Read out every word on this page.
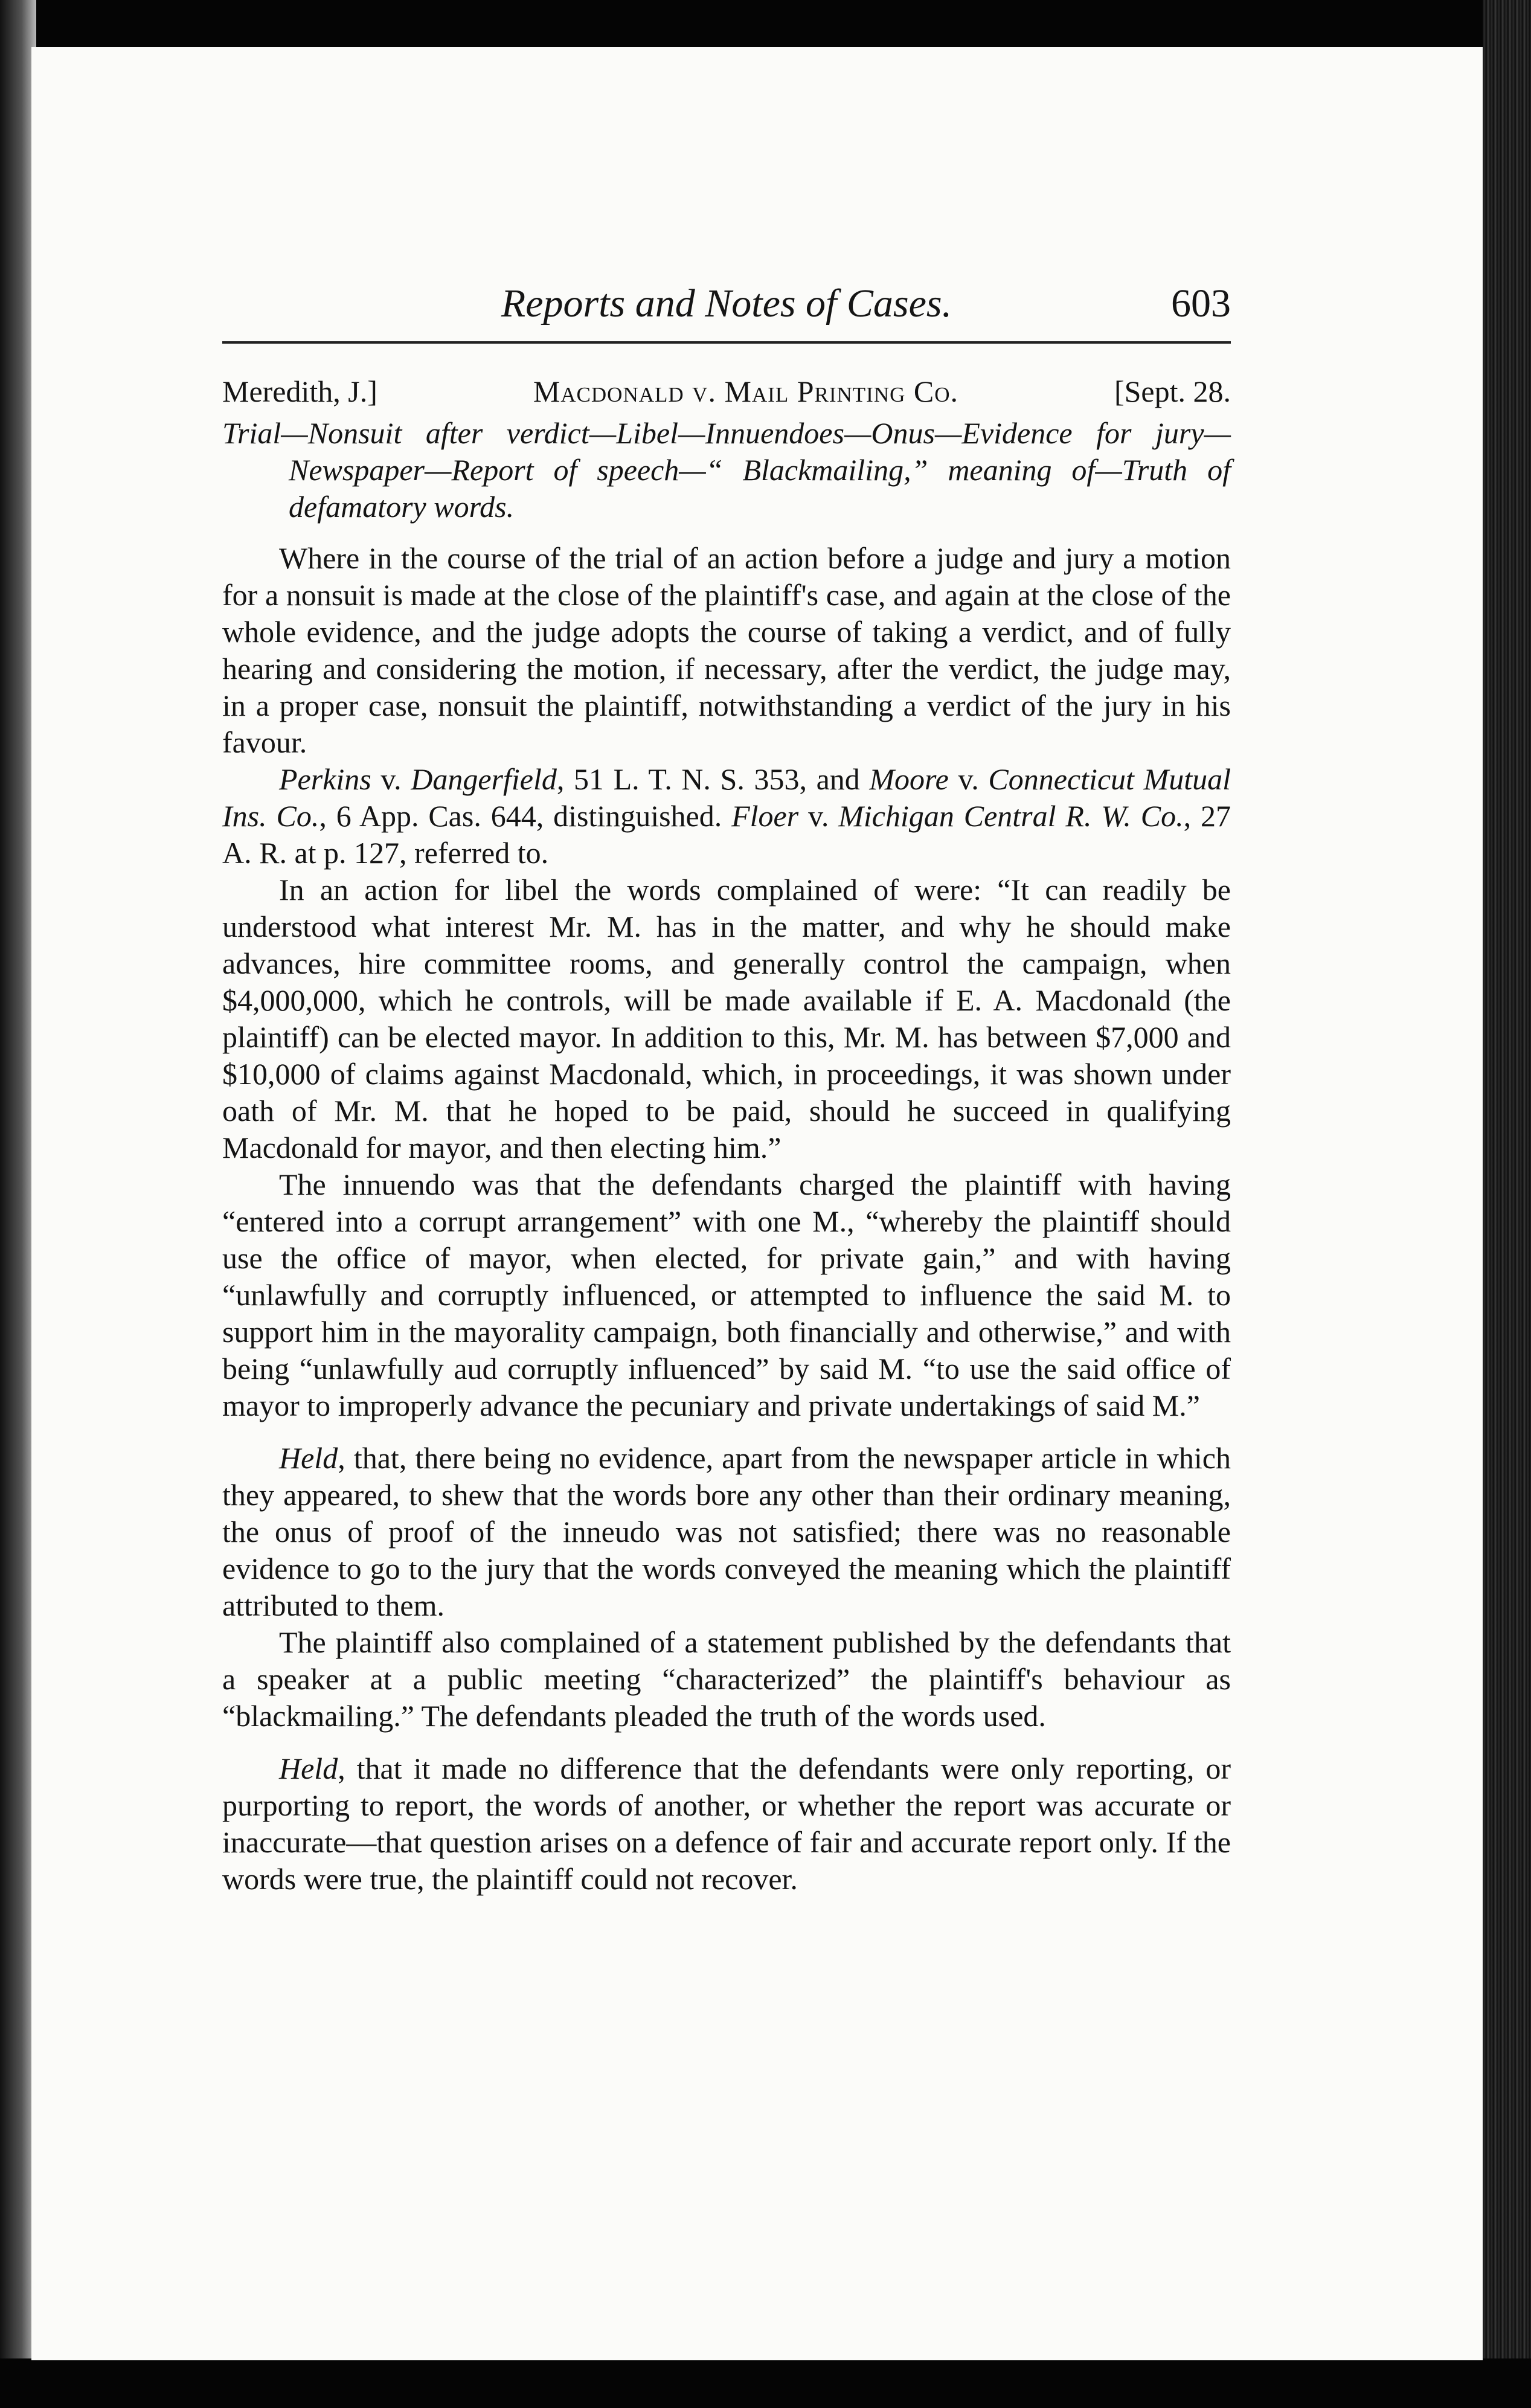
Reports and Notes of Cases.	603
Meredith, J.]	Macdonald v. Mail Printing Co.	[Sept. 28.
Trial—Nonsuit after verdict—Libel—Innuendoes—Onus—Evidence for jury—Newspaper—Report of speech—“ Blackmailing,” meaning of—Truth of defamatory words.

Where in the course of the trial of an action before a judge and jury a motion for a nonsuit is made at the close of the plaintiff's case, and again at the close of the whole evidence, and the judge adopts the course of taking a verdict, and of fully hearing and considering the motion, if necessary, after the verdict, the judge may, in a proper case, nonsuit the plaintiff, notwithstanding a verdict of the jury in his favour.

Perkins v. Dangerfield, 51 L. T. N. S. 353, and Moore v. Connecticut Mutual Ins. Co., 6 App. Cas. 644, distinguished. Floer v. Michigan Central R. W. Co., 27 A. R. at p. 127, referred to.

In an action for libel the words complained of were: “It can readily be understood what interest Mr. M. has in the matter, and why he should make advances, hire committee rooms, and generally control the campaign, when $4,000,000, which he controls, will be made available if E. A. Macdonald (the plaintiff) can be elected mayor. In addition to this, Mr. M. has between $7,000 and $10,000 of claims against Macdonald, which, in proceedings, it was shown under oath of Mr. M. that he hoped to be paid, should he succeed in qualifying Macdonald for mayor, and then electing him.”

The innuendo was that the defendants charged the plaintiff with having “entered into a corrupt arrangement” with one M., “whereby the plaintiff should use the office of mayor, when elected, for private gain,” and with having “unlawfully and corruptly influenced, or attempted to influence the said M. to support him in the mayorality campaign, both financially and otherwise,” and with being “unlawfully aud corruptly influenced” by said M. “to use the said office of mayor to improperly advance the pecuniary and private undertakings of said M.”

Held, that, there being no evidence, apart from the newspaper article in which they appeared, to shew that the words bore any other than their ordinary meaning, the onus of proof of the inneudo was not satisfied; there was no reasonable evidence to go to the jury that the words conveyed the meaning which the plaintiff attributed to them.

The plaintiff also complained of a statement published by the defendants that a speaker at a public meeting “characterized” the plaintiff's behaviour as “blackmailing.” The defendants pleaded the truth of the words used.

Held, that it made no difference that the defendants were only reporting, or purporting to report, the words of another, or whether the report was accurate or inaccurate—that question arises on a defence of fair and accurate report only. If the words were true, the plaintiff could not recover.
